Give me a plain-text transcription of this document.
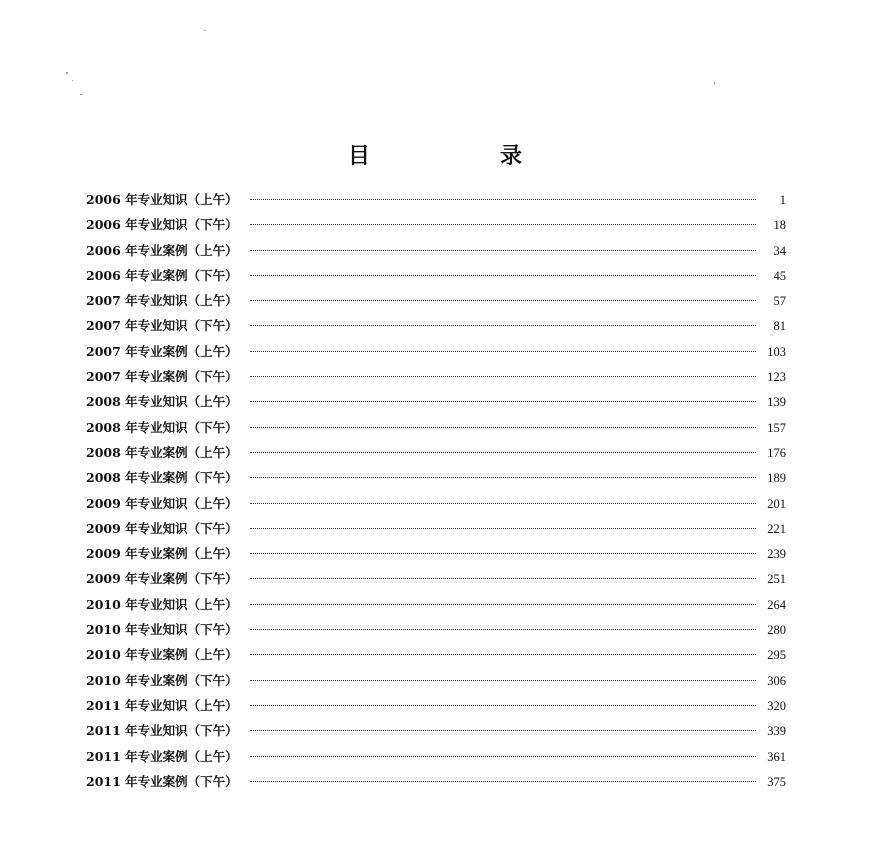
目　录
2006 年专业知识（上午）	1
2006 年专业知识（下午）	18
2006 年专业案例（上午）	34
2006 年专业案例（下午）	45
2007 年专业知识（上午）	57
2007 年专业知识（下午）	81
2007 年专业案例（上午）	103
2007 年专业案例（下午）	123
2008 年专业知识（上午）	139
2008 年专业知识（下午）	157
2008 年专业案例（上午）	176
2008 年专业案例（下午）	189
2009 年专业知识（上午）	201
2009 年专业知识（下午）	221
2009 年专业案例（上午）	239
2009 年专业案例（下午）	251
2010 年专业知识（上午）	264
2010 年专业知识（下午）	280
2010 年专业案例（上午）	295
2010 年专业案例（下午）	306
2011 年专业知识（上午）	320
2011 年专业知识（下午）	339
2011 年专业案例（上午）	361
2011 年专业案例（下午）	375
